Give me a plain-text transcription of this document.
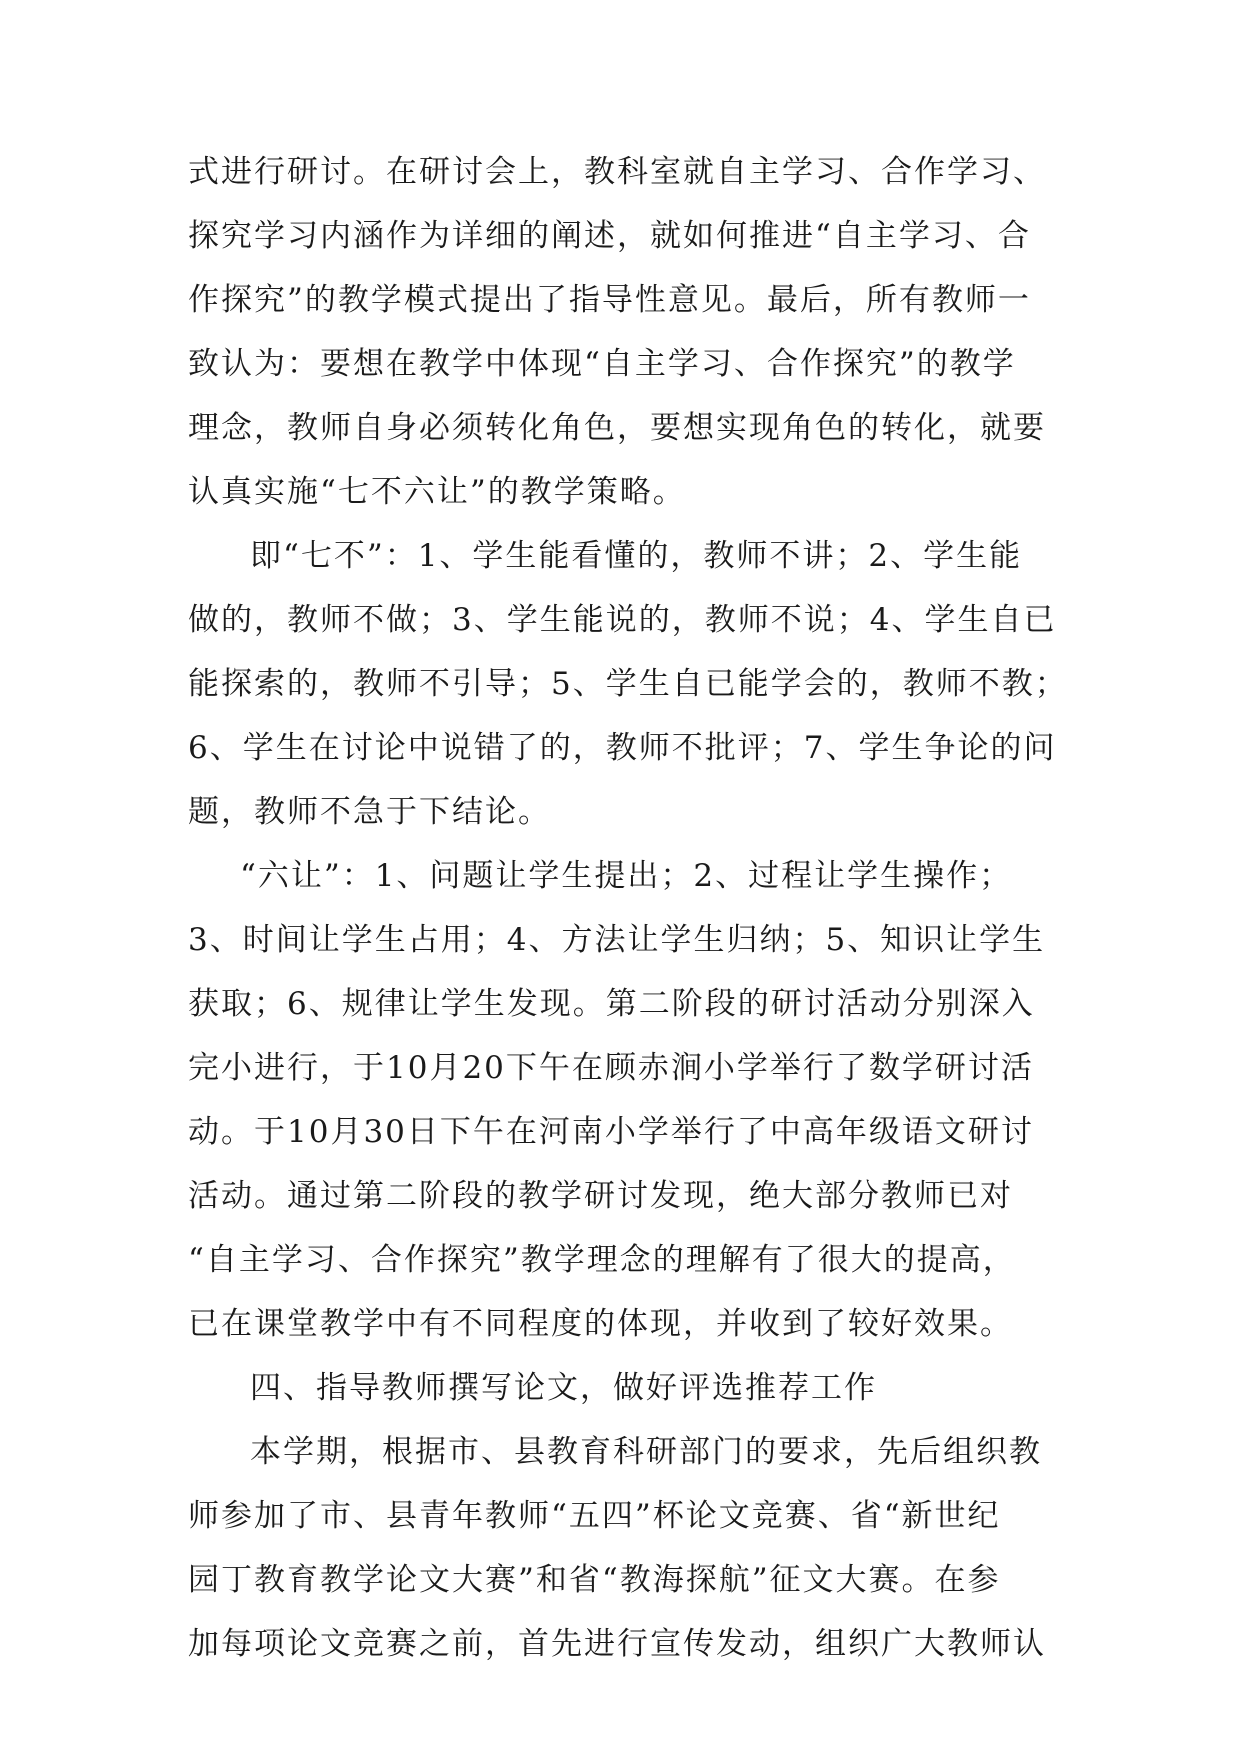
式进行研讨。在研讨会上，教科室就自主学习、合作学习、
探究学习内涵作为详细的阐述，就如何推进“自主学习、合
作探究”的教学模式提出了指导性意见。最后，所有教师一
致认为：要想在教学中体现“自主学习、合作探究”的教学
理念，教师自身必须转化角色，要想实现角色的转化，就要
认真实施“七不六让”的教学策略。
即“七不”：1、学生能看懂的，教师不讲；2、学生能
做的，教师不做；3、学生能说的，教师不说；4、学生自已
能探索的，教师不引导；5、学生自已能学会的，教师不教；
6、学生在讨论中说错了的，教师不批评；7、学生争论的问
题，教师不急于下结论。
“六让”：1、问题让学生提出；2、过程让学生操作；
3、时间让学生占用；4、方法让学生归纳；5、知识让学生
获取；6、规律让学生发现。第二阶段的研讨活动分别深入
完小进行，于10月20下午在顾赤涧小学举行了数学研讨活
动。于10月30日下午在河南小学举行了中高年级语文研讨
活动。通过第二阶段的教学研讨发现，绝大部分教师已对
“自主学习、合作探究”教学理念的理解有了很大的提高，
已在课堂教学中有不同程度的体现，并收到了较好效果。
四、指导教师撰写论文，做好评选推荐工作
本学期，根据市、县教育科研部门的要求，先后组织教
师参加了市、县青年教师“五四”杯论文竞赛、省“新世纪
园丁教育教学论文大赛”和省“教海探航”征文大赛。在参
加每项论文竞赛之前，首先进行宣传发动，组织广大教师认
